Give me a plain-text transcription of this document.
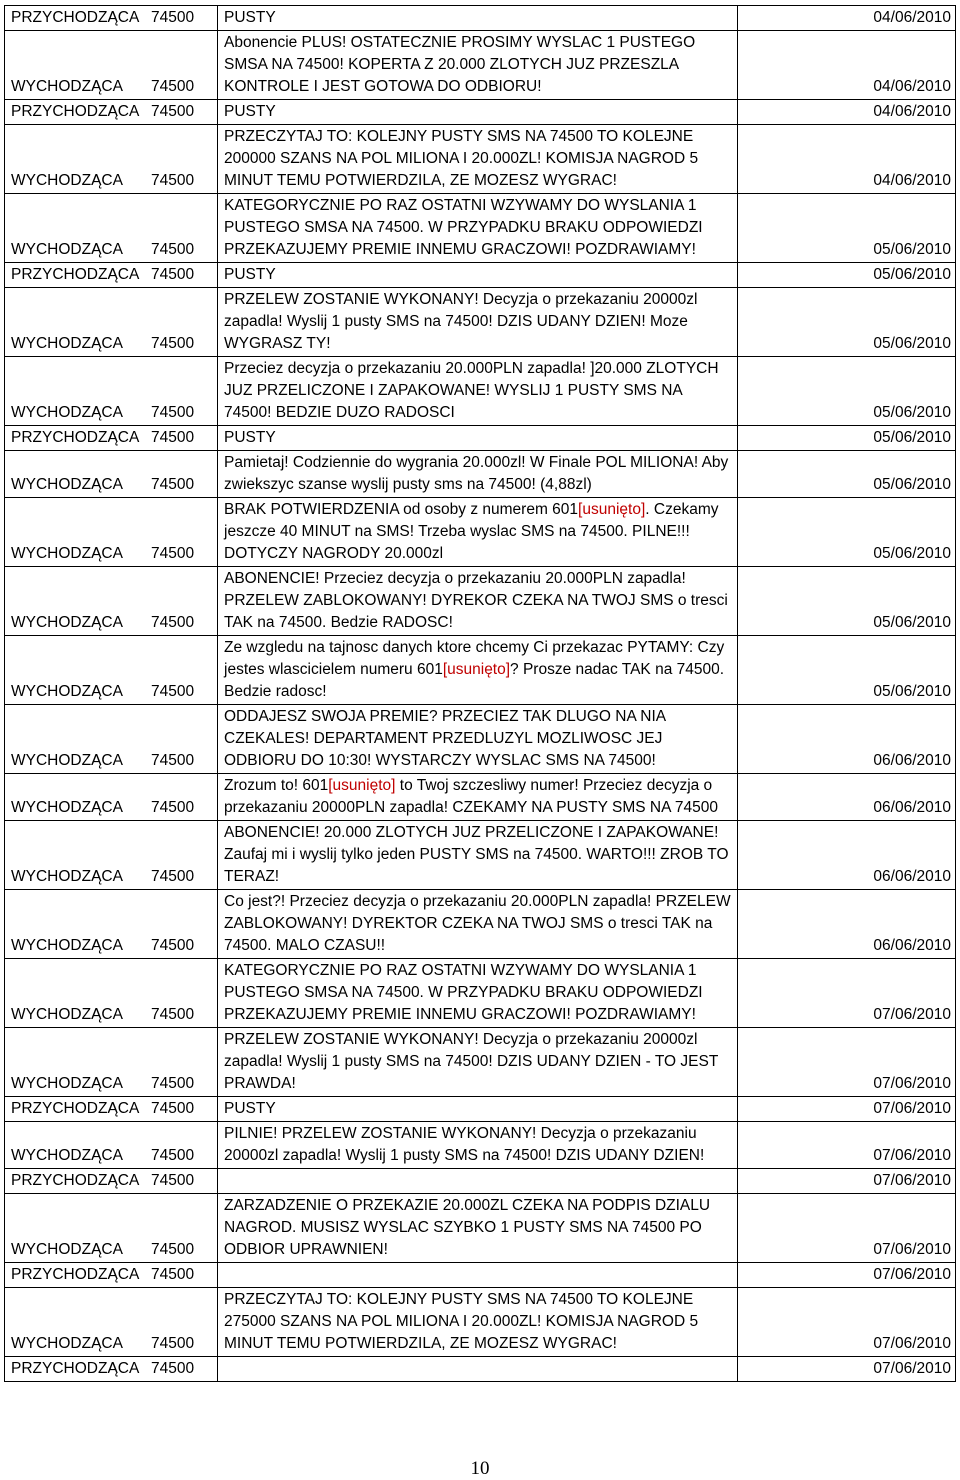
PRZYCHODZĄCA 74500	PUSTY	04/06/2010
WYCHODZĄCA 74500	Abonencie PLUS! OSTATECZNIE PROSIMY WYSLAC 1 PUSTEGO SMSA NA 74500! KOPERTA Z 20.000 ZLOTYCH JUZ PRZESZLA KONTROLE I JEST GOTOWA DO ODBIORU!	04/06/2010
PRZYCHODZĄCA 74500	PUSTY	04/06/2010
WYCHODZĄCA 74500	PRZECZYTAJ TO: KOLEJNY PUSTY SMS NA 74500 TO KOLEJNE 200000 SZANS NA POL MILIONA I 20.000ZL! KOMISJA NAGROD 5 MINUT TEMU POTWIERDZILA, ZE MOZESZ WYGRAC!	04/06/2010
WYCHODZĄCA 74500	KATEGORYCZNIE PO RAZ OSTATNI WZYWAMY DO WYSLANIA 1 PUSTEGO SMSA NA 74500. W PRZYPADKU BRAKU ODPOWIEDZI PRZEKAZUJEMY PREMIE INNEMU GRACZOWI! POZDRAWIAMY!	05/06/2010
PRZYCHODZĄCA 74500	PUSTY	05/06/2010
WYCHODZĄCA 74500	PRZELEW ZOSTANIE WYKONANY! Decyzja o przekazaniu 20000zl zapadla! Wyslij 1 pusty SMS na 74500! DZIS UDANY DZIEN! Moze WYGRASZ TY!	05/06/2010
WYCHODZĄCA 74500	Przeciez decyzja o przekazaniu 20.000PLN zapadla! ]20.000 ZLOTYCH JUZ PRZELICZONE I ZAPAKOWANE! WYSLIJ 1 PUSTY SMS NA 74500! BEDZIE DUZO RADOSCI	05/06/2010
PRZYCHODZĄCA 74500	PUSTY	05/06/2010
WYCHODZĄCA 74500	Pamietaj! Codziennie do wygrania 20.000zl! W Finale POL MILIONA! Aby zwiekszyc szanse wyslij pusty sms na 74500! (4,88zl)	05/06/2010
WYCHODZĄCA 74500	BRAK POTWIERDZENIA od osoby z numerem 601[usunięto]. Czekamy jeszcze 40 MINUT na SMS! Trzeba wyslac SMS na 74500. PILNE!!! DOTYCZY NAGRODY 20.000zl	05/06/2010
WYCHODZĄCA 74500	ABONENCIE! Przeciez decyzja o przekazaniu 20.000PLN zapadla! PRZELEW ZABLOKOWANY! DYREKOR CZEKA NA TWOJ SMS o tresci TAK na 74500. Bedzie RADOSC!	05/06/2010
WYCHODZĄCA 74500	Ze wzgledu na tajnosc danych ktore chcemy Ci przekazac PYTAMY: Czy jestes wlascicielem numeru 601[usunięto]? Prosze nadac TAK na 74500. Bedzie radosc!	05/06/2010
WYCHODZĄCA 74500	ODDAJESZ SWOJA PREMIE? PRZECIEZ TAK DLUGO NA NIA CZEKALES! DEPARTAMENT PRZEDLUZYL MOZLIWOSC JEJ ODBIORU DO 10:30! WYSTARCZY WYSLAC SMS NA 74500!	06/06/2010
WYCHODZĄCA 74500	Zrozum to! 601[usunięto] to Twoj szczesliwy numer! Przeciez decyzja o przekazaniu 20000PLN zapadla! CZEKAMY NA PUSTY SMS NA 74500	06/06/2010
WYCHODZĄCA 74500	ABONENCIE! 20.000 ZLOTYCH JUZ PRZELICZONE I ZAPAKOWANE! Zaufaj mi i wyslij tylko jeden PUSTY SMS na 74500. WARTO!!! ZROB TO TERAZ!	06/06/2010
WYCHODZĄCA 74500	Co jest?! Przeciez decyzja o przekazaniu 20.000PLN zapadla! PRZELEW ZABLOKOWANY! DYREKTOR CZEKA NA TWOJ SMS o tresci TAK na 74500. MALO CZASU!!	06/06/2010
WYCHODZĄCA 74500	KATEGORYCZNIE PO RAZ OSTATNI WZYWAMY DO WYSLANIA 1 PUSTEGO SMSA NA 74500. W PRZYPADKU BRAKU ODPOWIEDZI PRZEKAZUJEMY PREMIE INNEMU GRACZOWI! POZDRAWIAMY!	07/06/2010
WYCHODZĄCA 74500	PRZELEW ZOSTANIE WYKONANY! Decyzja o przekazaniu 20000zl zapadla! Wyslij 1 pusty SMS na 74500! DZIS UDANY DZIEN - TO JEST PRAWDA!	07/06/2010
PRZYCHODZĄCA 74500	PUSTY	07/06/2010
WYCHODZĄCA 74500	PILNIE! PRZELEW ZOSTANIE WYKONANY! Decyzja o przekazaniu 20000zl zapadla! Wyslij 1 pusty SMS na 74500! DZIS UDANY DZIEN!	07/06/2010
PRZYCHODZĄCA 74500		07/06/2010
WYCHODZĄCA 74500	ZARZADZENIE O PRZEKAZIE 20.000ZL CZEKA NA PODPIS DZIALU NAGROD. MUSISZ WYSLAC SZYBKO 1 PUSTY SMS NA 74500 PO ODBIOR UPRAWNIEN!	07/06/2010
PRZYCHODZĄCA 74500		07/06/2010
WYCHODZĄCA 74500	PRZECZYTAJ TO: KOLEJNY PUSTY SMS NA 74500 TO KOLEJNE 275000 SZANS NA POL MILIONA I 20.000ZL! KOMISJA NAGROD 5 MINUT TEMU POTWIERDZILA, ZE MOZESZ WYGRAC!	07/06/2010
PRZYCHODZĄCA 74500		07/06/2010
10
